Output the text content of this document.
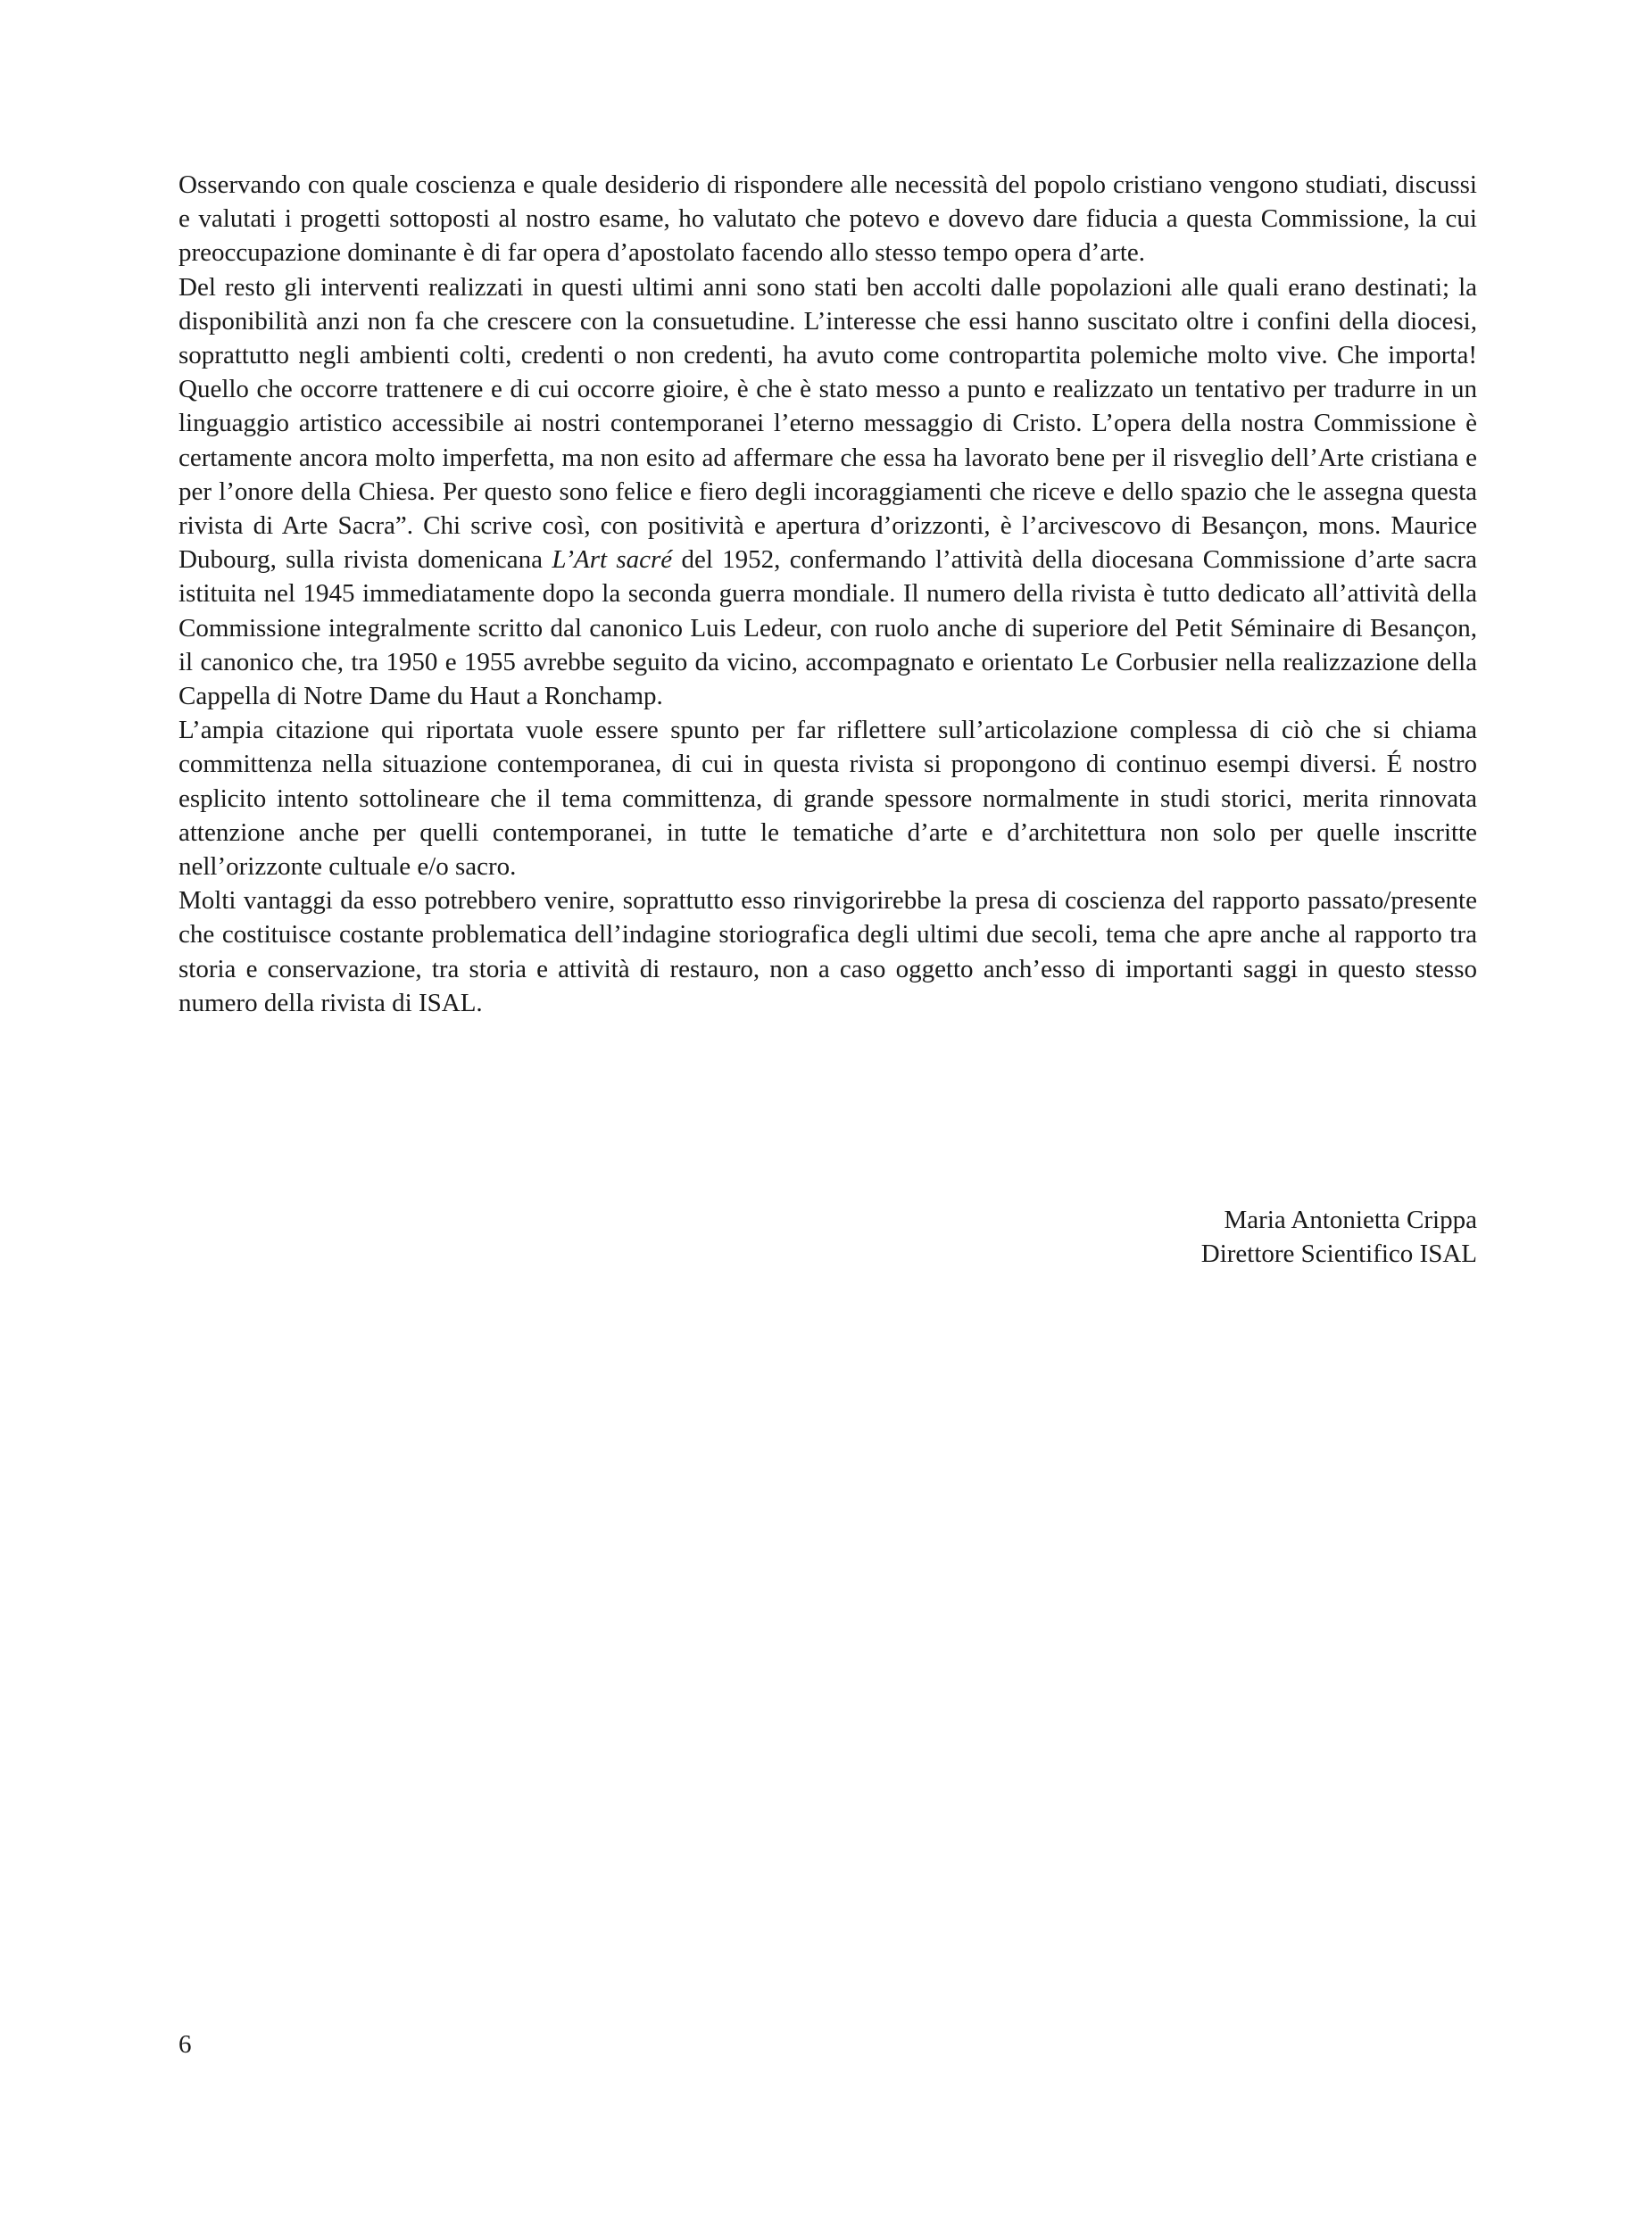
Osservando con quale coscienza e quale desiderio di rispondere alle necessità del popolo cristiano vengono studiati, discussi e valutati i progetti sottoposti al nostro esame, ho valutato che potevo e dovevo dare fiducia a questa Commissione, la cui preoccupazione dominante è di far opera d’apostolato facendo allo stesso tempo opera d’arte.

Del resto gli interventi realizzati in questi ultimi anni sono stati ben accolti dalle popolazioni alle quali erano destinati; la disponibilità anzi non fa che crescere con la consuetudine. L’interesse che essi hanno suscitato oltre i confini della diocesi, soprattutto negli ambienti colti, credenti o non credenti, ha avuto come contropartita polemiche molto vive. Che importa! Quello che occorre trattenere e di cui occorre gioire, è che è stato messo a punto e realizzato un tentativo per tradurre in un linguaggio artistico accessibile ai nostri contemporanei l’eterno messaggio di Cristo. L’opera della nostra Commissione è certamente ancora molto imperfetta, ma non esito ad affermare che essa ha lavorato bene per il risveglio dell’Arte cristiana e per l’onore della Chiesa. Per questo sono felice e fiero degli incoraggiamenti che riceve e dello spazio che le assegna questa rivista di Arte Sacra”. Chi scrive così, con positività e apertura d’orizzonti, è l’arcivescovo di Besançon, mons. Maurice Dubourg, sulla rivista domenicana L’Art sacré del 1952, confermando l’attività della diocesana Commissione d’arte sacra istituita nel 1945 immediatamente dopo la seconda guerra mondiale. Il numero della rivista è tutto dedicato all’attività della Commissione integralmente scritto dal canonico Luis Ledeur, con ruolo anche di superiore del Petit Séminaire di Besançon, il canonico che, tra 1950 e 1955 avrebbe seguito da vicino, accompagnato e orientato Le Corbusier nella realizzazione della Cappella di Notre Dame du Haut a Ronchamp.

L’ampia citazione qui riportata vuole essere spunto per far riflettere sull’articolazione complessa di ciò che si chiama committenza nella situazione contemporanea, di cui in questa rivista si propongono di continuo esempi diversi. É nostro esplicito intento sottolineare che il tema committenza, di grande spessore normalmente in studi storici, merita rinnovata attenzione anche per quelli contemporanei, in tutte le tematiche d’arte e d’architettura non solo per quelle inscritte nell’orizzonte cultuale e/o sacro.

Molti vantaggi da esso potrebbero venire, soprattutto esso rinvigorirebbe la presa di coscienza del rapporto passato/presente che costituisce costante problematica dell’indagine storiografica degli ultimi due secoli, tema che apre anche al rapporto tra storia e conservazione, tra storia e attività di restauro, non a caso oggetto anch’esso di importanti saggi in questo stesso numero della rivista di ISAL.

Maria Antonietta Crippa
Direttore Scientifico ISAL
6
